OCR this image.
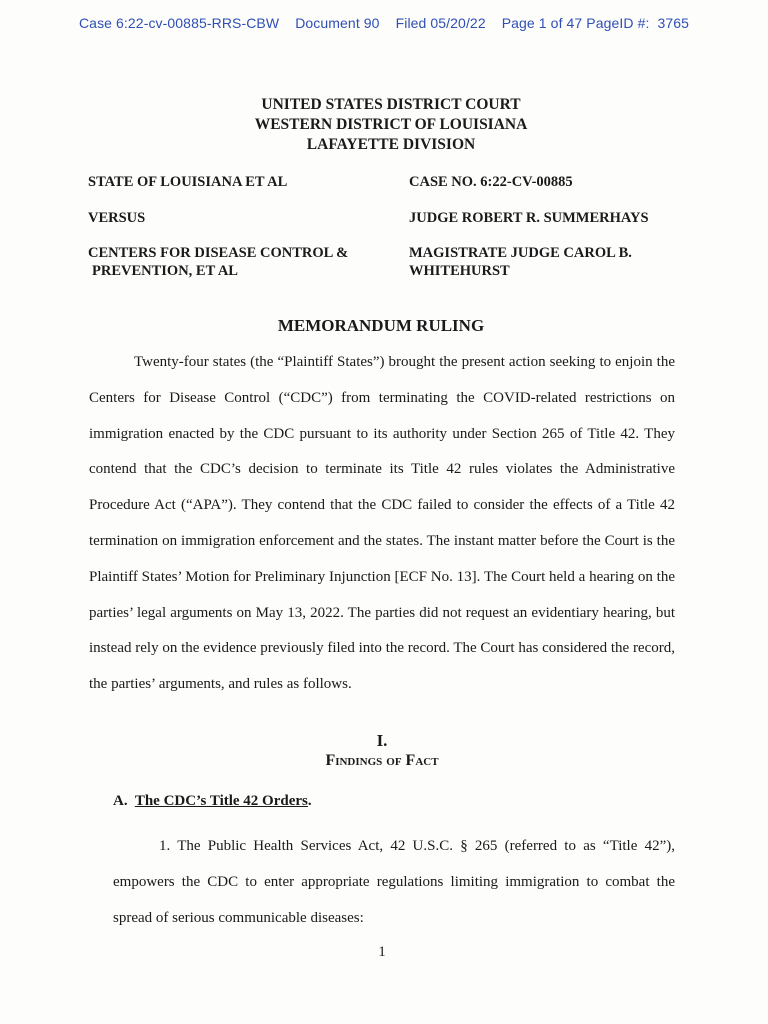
Case 6:22-cv-00885-RRS-CBW Document 90 Filed 05/20/22 Page 1 of 47 PageID #: 3765
UNITED STATES DISTRICT COURT
WESTERN DISTRICT OF LOUISIANA
LAFAYETTE DIVISION
STATE OF LOUISIANA ET AL
VERSUS
CENTERS FOR DISEASE CONTROL &
PREVENTION, ET AL
CASE NO. 6:22-CV-00885
JUDGE ROBERT R. SUMMERHAYS
MAGISTRATE JUDGE CAROL B.
WHITEHURST
MEMORANDUM RULING
Twenty-four states (the “Plaintiff States”) brought the present action seeking to enjoin the Centers for Disease Control (“CDC”) from terminating the COVID-related restrictions on immigration enacted by the CDC pursuant to its authority under Section 265 of Title 42. They contend that the CDC’s decision to terminate its Title 42 rules violates the Administrative Procedure Act (“APA”). They contend that the CDC failed to consider the effects of a Title 42 termination on immigration enforcement and the states. The instant matter before the Court is the Plaintiff States’ Motion for Preliminary Injunction [ECF No. 13]. The Court held a hearing on the parties’ legal arguments on May 13, 2022. The parties did not request an evidentiary hearing, but instead rely on the evidence previously filed into the record. The Court has considered the record, the parties’ arguments, and rules as follows.
I.
Findings of Fact
A. The CDC’s Title 42 Orders.
1. The Public Health Services Act, 42 U.S.C. § 265 (referred to as “Title 42”), empowers the CDC to enter appropriate regulations limiting immigration to combat the spread of serious communicable diseases:
1
